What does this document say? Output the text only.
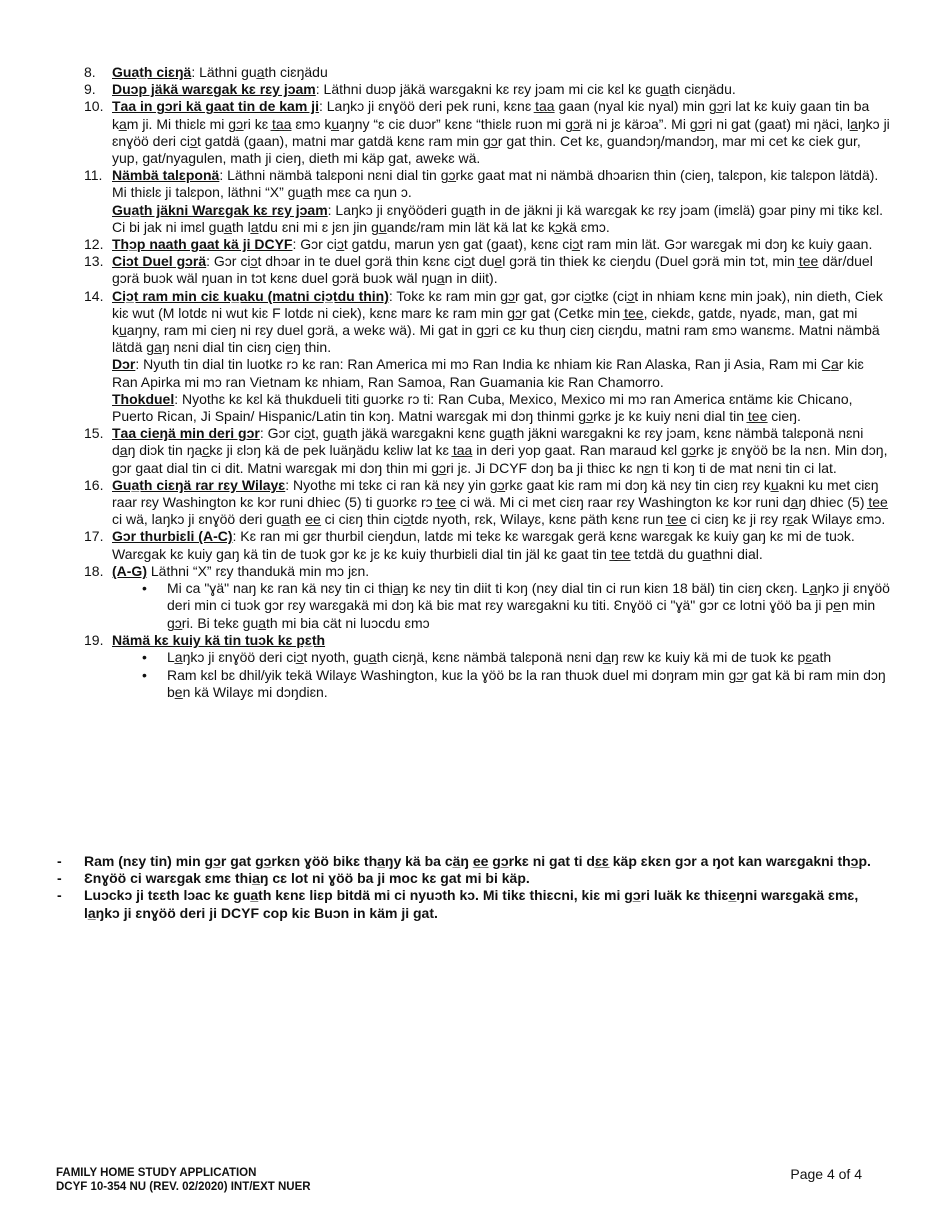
8.	Guat̲h ciɛŋä: Läthni gua̲th ciɛŋädu
9.	Duɔp jäkä warɛgak kɛ rɛy jɔam: Läthni duɔp jäkä warɛgakni kɛ rɛy jɔam mi ciɛ kɛl kɛ gua̲th ciɛŋädu.
10. T̲a̲a̲ in gɔ̲ri kä gaat tin de kam ji: Laŋkɔ ji ɛnɣöö deri pek runi, kɛnɛ t̲a̲a̲ gaan (nyal kiɛ nyal) min gɔ̲ri lat kɛ kuiy gaan tin ba ka̲m ji. Mi thiɛlɛ mi gɔ̲ri kɛ t̲a̲a̲ ɛmɔ ku̲aŋny “ɛ ciɛ duɔr” kɛnɛ “thiɛlɛ ruɔn mi gɔ̲rä ni jɛ kärɔa”. Mi gɔ̲ri ni gat (gaat) mi ŋäci, la̲ŋkɔ ji ɛnɣöö deri ciɔ̲t gatdä (gaan), matni mar gatdä kɛnɛ ram min gɔ̲r gat thin. Cet kɛ, guandɔŋ/mandɔŋ, mar mi cet kɛ ciek gur, yup, gat/nyagulen, math ji cieŋ, dieth mi käp gat, awekɛ wä.
11. Nämbä talɛponä: Läthni nämbä talɛponi nɛni dial tin gɔ̲rkɛ gaat mat ni nämbä dhɔariɛn thin (cieŋ, talɛpon, kiɛ talɛpon lätdä). Mi thiɛlɛ ji talɛpon, läthni “X” gua̲th mɛɛ ca ŋun ɔ.
Gua̲th jäkni Warɛgak kɛ rɛy jɔam: Laŋkɔ ji ɛnɣööderi gua̲th in de jäkni ji kä warɛgak kɛ rɛy jɔam (imɛlä) gɔar piny mi tikɛ kɛl. Ci bi jak ni imɛl gua̲th la̲tdu ɛni mi ɛ jɛn jin gu̲andɛ/ram min lät kä lat kɛ kɔ̲kä ɛmɔ.
12. Thɔ̲p naath gaat kä ji DCYF: Gɔr ciɔ̲t gatdu, marun yɛn gat (gaat), kɛnɛ ciɔ̲t ram min lät. Gɔr warɛgak mi dɔŋ kɛ kuiy gaan.
13. Ciɔ̲t Duel gɔrä: Gɔr ciɔ̲t dhɔar in te duel gɔrä thin kɛnɛ ciɔ̲t due̲l gɔrä tin thiek kɛ cieŋdu (Duel gɔrä min tɔt, min t̲e̲e̲ där/duel gɔrä buɔk wäl ŋuan in tɔt kɛnɛ duel gɔrä buɔk wäl ŋua̲n in diit).
14. Ciɔ̲t ram min ciɛ ku̲aku (matni ciɔ̲tdu thin): Tokɛ kɛ ram min gɔ̲r gat, gɔr ciɔ̲tkɛ (ciɔ̲t in nhiam kɛnɛ min jɔak), nin dieth, Ciek kiɛ wut (M lotdɛ ni wut kiɛ F lotdɛ ni ciek), kɛnɛ marɛ kɛ ram min gɔ̲r gat (Cetkɛ min t̲e̲e̲, ciekdɛ, gatdɛ, nyadɛ, man, gat mi ku̲aŋny, ram mi cieŋ ni rɛy duel gɔrä, a wekɛ wä). Mi gat in gɔ̲ri cɛ ku thuŋ ciɛŋ ciɛŋdu, matni ram ɛmɔ wanɛmɛ. Matni nämbä lätdä ga̲ŋ nɛni dial tin ciɛŋ cie̲ŋ thin.
Dɔ̲r: Nyuth tin dial tin luotkɛ rɔ kɛ ran: Ran America mi mɔ Ran India kɛ nhiam kiɛ Ran Alaska, Ran ji Asia, Ram mi C̲a̲r kiɛ Ran Apirka mi mɔ ran Vietnam kɛ nhiam, Ran Samoa, Ran Guamania kiɛ Ran Chamorro.
Thokduel: Nyothɛ kɛ kɛl kä thukdueli titi guɔrkɛ rɔ ti: Ran Cuba, Mexico, Mexico mi mɔ ran America ɛntämɛ kiɛ Chicano, Puerto Rican, Ji Spain/ Hispanic/Latin tin kɔŋ. Matni warɛgak mi dɔŋ thinmi gɔ̲rkɛ jɛ kɛ kuiy nɛni dial tin t̲e̲e̲ cieŋ.
15. T̲a̲a̲ cieŋä min deri gɔ̲r: Gɔr ciɔ̲t, gua̲th jäkä warɛgakni kɛnɛ gua̲th jäkni warɛgakni kɛ rɛy jɔam, kɛnɛ nämbä talɛponä nɛni da̲ŋ diɔk tin ŋac̲kɛ ji ɛlɔŋ kä de pek luäŋädu kɛliw lat kɛ t̲a̲a̲ in deri yop gaat. Ran maraud kɛl gɔ̲rkɛ jɛ ɛnɣöö bɛ la nɛn. Min dɔŋ, gɔr gaat dial tin ci dit. Matni warɛgak mi dɔŋ thin mi gɔ̲ri jɛ. Ji DCYF dɔŋ ba ji thiɛc kɛ nɛ̲n ti kɔŋ ti de mat nɛni tin ci lat.
16. Gua̲th ciɛŋä rar rɛy Wilayɛ: Nyothɛ mi tɛkɛ ci ran kä nɛy yin gɔ̲rkɛ gaat kiɛ ram mi dɔŋ kä nɛy tin ciɛŋ rɛy ku̲akni ku met ciɛŋ raar rɛy Washington kɛ kɔr runi dhiec (5) ti guɔrkɛ rɔ t̲e̲e̲ ci wä. Mi ci met ciɛŋ raar rɛy Washington kɛ kɔr runi da̲ŋ dhiec (5) t̲e̲e̲ ci wä, laŋkɔ ji ɛnɣöö deri gua̲th e̲e̲ ci ciɛŋ thin ciɔ̲tdɛ nyoth, rɛk, Wilayɛ, kɛnɛ päth kɛnɛ run t̲e̲e̲ ci ciɛŋ kɛ ji rɛy rɛ̲ak Wilayɛ ɛmɔ.
17. Gɔ̲r thurbiɛli (A-C): Kɛ ran mi gɛr thurbil cieŋdun, latdɛ mi tekɛ kɛ warɛgak gerä kɛnɛ warɛgak kɛ kuiy gaŋ kɛ mi de tuɔk. Warɛgak kɛ kuiy gaŋ kä tin de tuɔk gɔr kɛ jɛ kɛ kuiy thurbiɛli dial tin jäl kɛ gaat tin t̲e̲e̲ tɛtdä du gua̲thni dial.
18. (A-G) Läthni “X” rɛy thandukä min mɔ jɛn.
• Mi ca "ɣä" naŋ kɛ ran kä nɛy tin ci thia̲ŋ kɛ nɛy tin diit ti kɔŋ (nɛy dial tin ci run kiɛn 18 bäl) tin ciɛŋ ckɛŋ. La̲ŋkɔ ji ɛnɣöö deri min ci tuɔk gɔr rɛy warɛgakä mi dɔŋ kä biɛ mat rɛy warɛgakni ku titi. Ɛnɣöö ci "ɣä" gɔr cɛ lotni ɣöö ba ji pe̲n min gɔ̲ri. Bi tekɛ gua̲th mi bia cät ni luɔcdu ɛmɔ
19. Nämä kɛ kuiy kä tin tuɔk kɛ pɛ̲th
• La̲ŋkɔ ji ɛnɣöö deri ciɔ̲t nyoth, gua̲th ciɛŋä, kɛnɛ nämbä talɛponä nɛni da̲ŋ rɛw kɛ kuiy kä mi de tuɔk kɛ pɛ̲ath
• Ram kɛl bɛ dhil/yik tekä Wilayɛ Washington, kuɛ la ɣöö bɛ la ran thuɔk duel mi dɔŋram min gɔ̲r gat kä bi ram min dɔŋ be̲n kä Wilayɛ mi dɔŋdiɛn.
- Ram (nɛy tin) min gɔ̲r gat gɔ̲rkɛn ɣöö bikɛ tha̲ŋy kä ba cä̲ŋ e̲e̲ gɔ̲rkɛ ni gat ti dɛ̲ɛ̲ käp ɛkɛn gɔr a ŋot kan warɛgakni thɔ̲p.
- Ɛnɣöö ci warɛgak ɛmɛ thia̲ŋ cɛ lot ni ɣöö ba ji moc kɛ gat mi bi käp.
- Luɔckɔ ji tɛɛth lɔac kɛ gua̲th kɛnɛ liɛp bitdä mi ci nyuɔth kɔ. Mi tikɛ thiɛcni, kiɛ mi gɔ̲ri luäk kɛ thiɛe̲ŋni warɛgakä ɛmɛ, la̲ŋkɔ ji ɛnɣöö deri ji DCYF cop kiɛ Buɔn in käm ji gat.
FAMILY HOME STUDY APPLICATION
DCYF 10-354 NU (REV. 02/2020) INT/EXT NUER
Page 4 of 4
